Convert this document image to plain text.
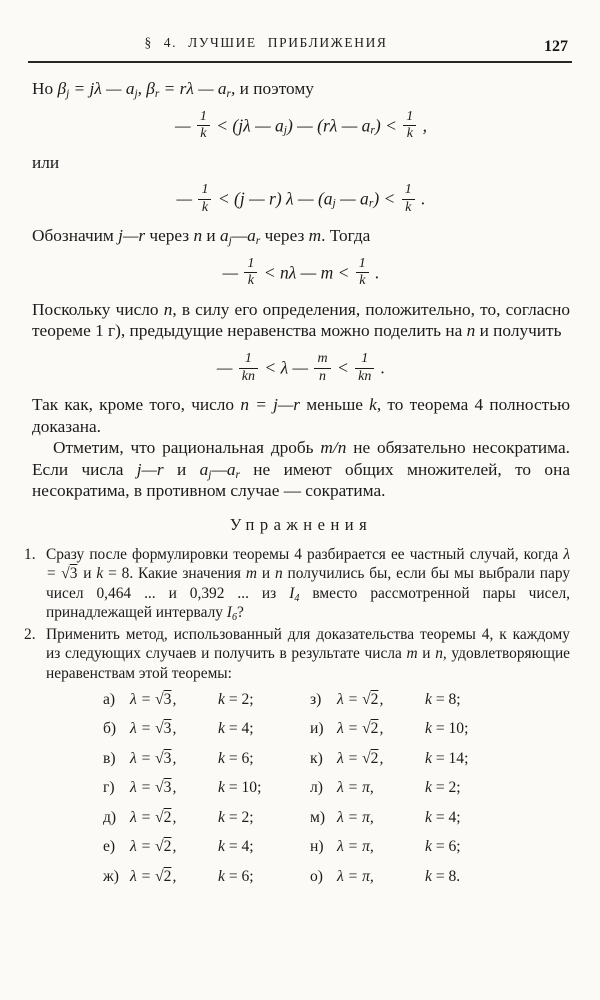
§ 4. ЛУЧШИЕ ПРИБЛИЖЕНИЯ	127

Но $\beta_j = j\lambda$ — $a_j$, $\beta_r = r\lambda$ — $a_r$, и поэтому

— $\frac{1}{k} < (j\lambda$ — $a_j$) — (rλ — $a_r) < \frac{1}{k}$ ,

или

— $\frac{1}{k} < (j$ — r) λ — ($a_j$ — $a_r) < \frac{1}{k}$ .

Обозначим j—r через n и $a_j—a_r$ через m. Тогда

— $\frac{1}{k} < n\lambda$ — $m < \frac{1}{k}$ .

Поскольку число n, в силу его определения, положительно, то, согласно теореме 1 г), предыдущие неравенства можно поделить на n и получить

— $\frac{1}{kn} < \lambda$ — $\frac{m}{n} < \frac{1}{kn}$ .

Так как, кроме того, число n = j—r меньше k, то теорема 4 полностью доказана.

Отметим, что рациональная дробь m/n не обязательно несократима. Если числа j—r и $a_j—a_r$ не имеют общих множителей, то она несократима, в противном случае — сократима.

Упражнения
1. Сразу после формулировки теоремы 4 разбирается ее частный случай, когда λ = √3 и k = 8. Какие значения m и n получились бы, если бы мы выбрали пару чисел 0,464 ... и 0,392 ... из $I_4$ вместо рассмотренной пары чисел, принадлежащей интервалу $I_6$?
2. Применить метод, использованный для доказательства теоремы 4, к каждому из следующих случаев и получить в результате числа m и n, удовлетворяющие неравенствам этой теоремы:
а) λ = √3,	k = 2;
б) λ = √3,	k = 4;
в) λ = √3,	k = 6;
г) λ = √3,	k = 10;
д) λ = √2,	k = 2;
е) λ = √2,	k = 4;
ж) λ = √2,	k = 6;
з)	λ = √2,	k = 8;
и) λ = √2,	k = 10;
к) λ = √2,	k = 14;
л) λ = π,	k = 2;
м) λ = π,	k = 4;
н) λ = π,	k = 6;
о) λ = π,	k = 8.
